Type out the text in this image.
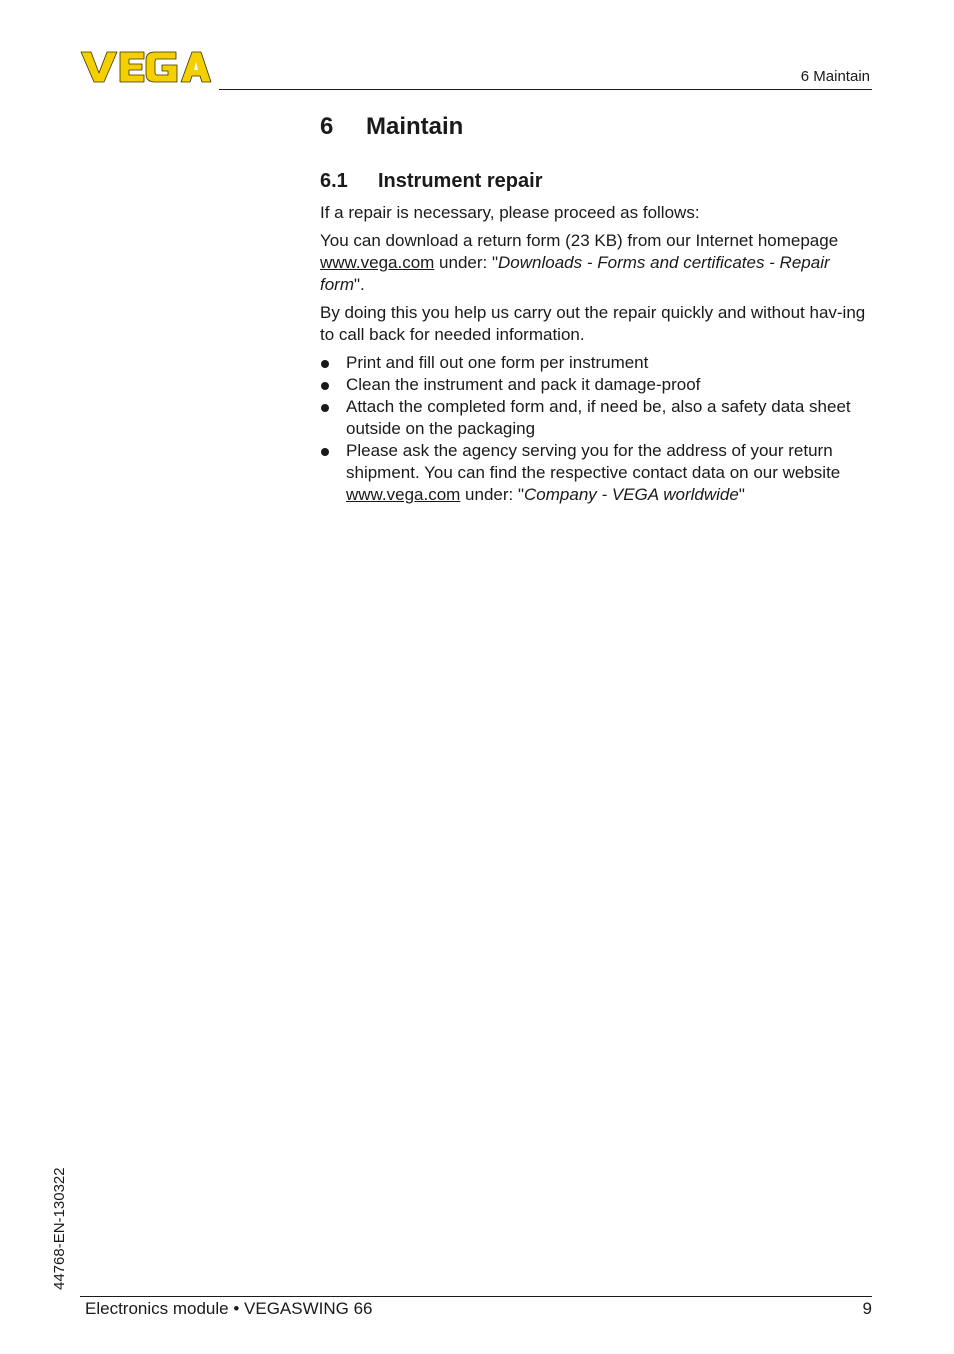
6 Maintain
6	Maintain
6.1	Instrument repair

If a repair is necessary, please proceed as follows:

You can download a return form (23 KB) from our Internet homepage
www.vega.com under: "Downloads - Forms and certificates - Repair form".

By doing this you help us carry out the repair quickly and without hav-ing to call back for needed information.

Print and fill out one form per instrument
Clean the instrument and pack it damage-proof
Attach the completed form and, if need be, also a safety data sheet outside on the packaging
Please ask the agency serving you for the address of your return shipment. You can find the respective contact data on our website
www.vega.com under: "Company - VEGA worldwide"
44768-EN-130322
Electronics module • VEGASWING 66	9
